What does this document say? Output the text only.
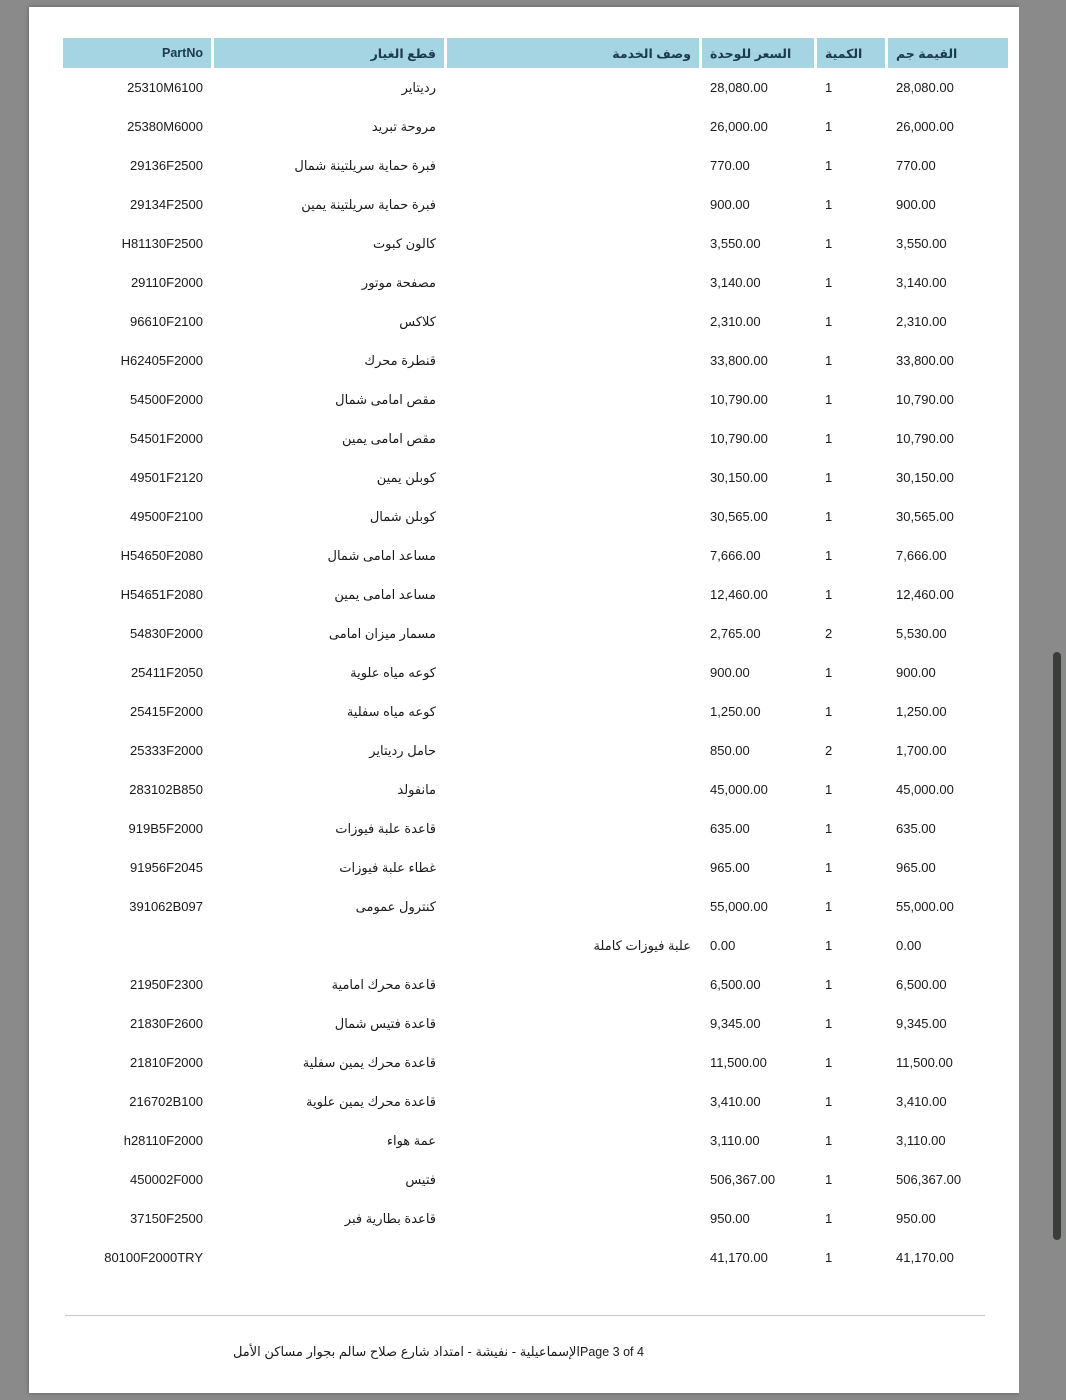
القيمة جم	الكمية	السعر للوحدة	وصف الخدمة	قطع الغيار	PartNo
28,080.00	1	28,080.00		رديتاير	25310M6100
26,000.00	1	26,000.00		مروحة تبريد	25380M6000
770.00	1	770.00		فبرة حماية سريلتينة شمال	29136F2500
900.00	1	900.00		فبرة حماية سريلتينة يمين	29134F2500
3,550.00	1	3,550.00		كالون كبوت	H81130F2500
3,140.00	1	3,140.00		مصفحة موتور	29110F2000
2,310.00	1	2,310.00		كلاكس	96610F2100
33,800.00	1	33,800.00		قنطرة محرك	H62405F2000
10,790.00	1	10,790.00		مقص امامى شمال	54500F2000
10,790.00	1	10,790.00		مقص امامى يمين	54501F2000
30,150.00	1	30,150.00		كوبلن يمين	49501F2120
30,565.00	1	30,565.00		كوبلن شمال	49500F2100
7,666.00	1	7,666.00		مساعد امامى شمال	H54650F2080
12,460.00	1	12,460.00		مساعد امامى يمين	H54651F2080
5,530.00	2	2,765.00		مسمار ميزان امامى	54830F2000
900.00	1	900.00		كوعه مياه علوية	25411F2050
1,250.00	1	1,250.00		كوعه مياه سفلية	25415F2000
1,700.00	2	850.00		حامل رديتاير	25333F2000
45,000.00	1	45,000.00		مانفولد	283102B850
635.00	1	635.00		قاعدة علبة فيوزات	919B5F2000
965.00	1	965.00		غطاء علبة فيوزات	91956F2045
55,000.00	1	55,000.00		كنترول عمومى	391062B097
0.00	1	0.00	علبة فيوزات كاملة		
6,500.00	1	6,500.00		قاعدة محرك امامية	21950F2300
9,345.00	1	9,345.00		قاعدة فتيس شمال	21830F2600
11,500.00	1	11,500.00		قاعدة محرك يمين سفلية	21810F2000
3,410.00	1	3,410.00		قاعدة محرك يمين علوية	216702B100
3,110.00	1	3,110.00		عمة هواء	h28110F2000
506,367.00	1	506,367.00		فتيس	450002F000
950.00	1	950.00		قاعدة بطارية فبر	37150F2500
41,170.00	1	41,170.00			80100F2000TRY
الإسماعيلية - نفيشة - امتداد شارع صلاح سالم بجوار مساكن الأمل Page 3 of 4
